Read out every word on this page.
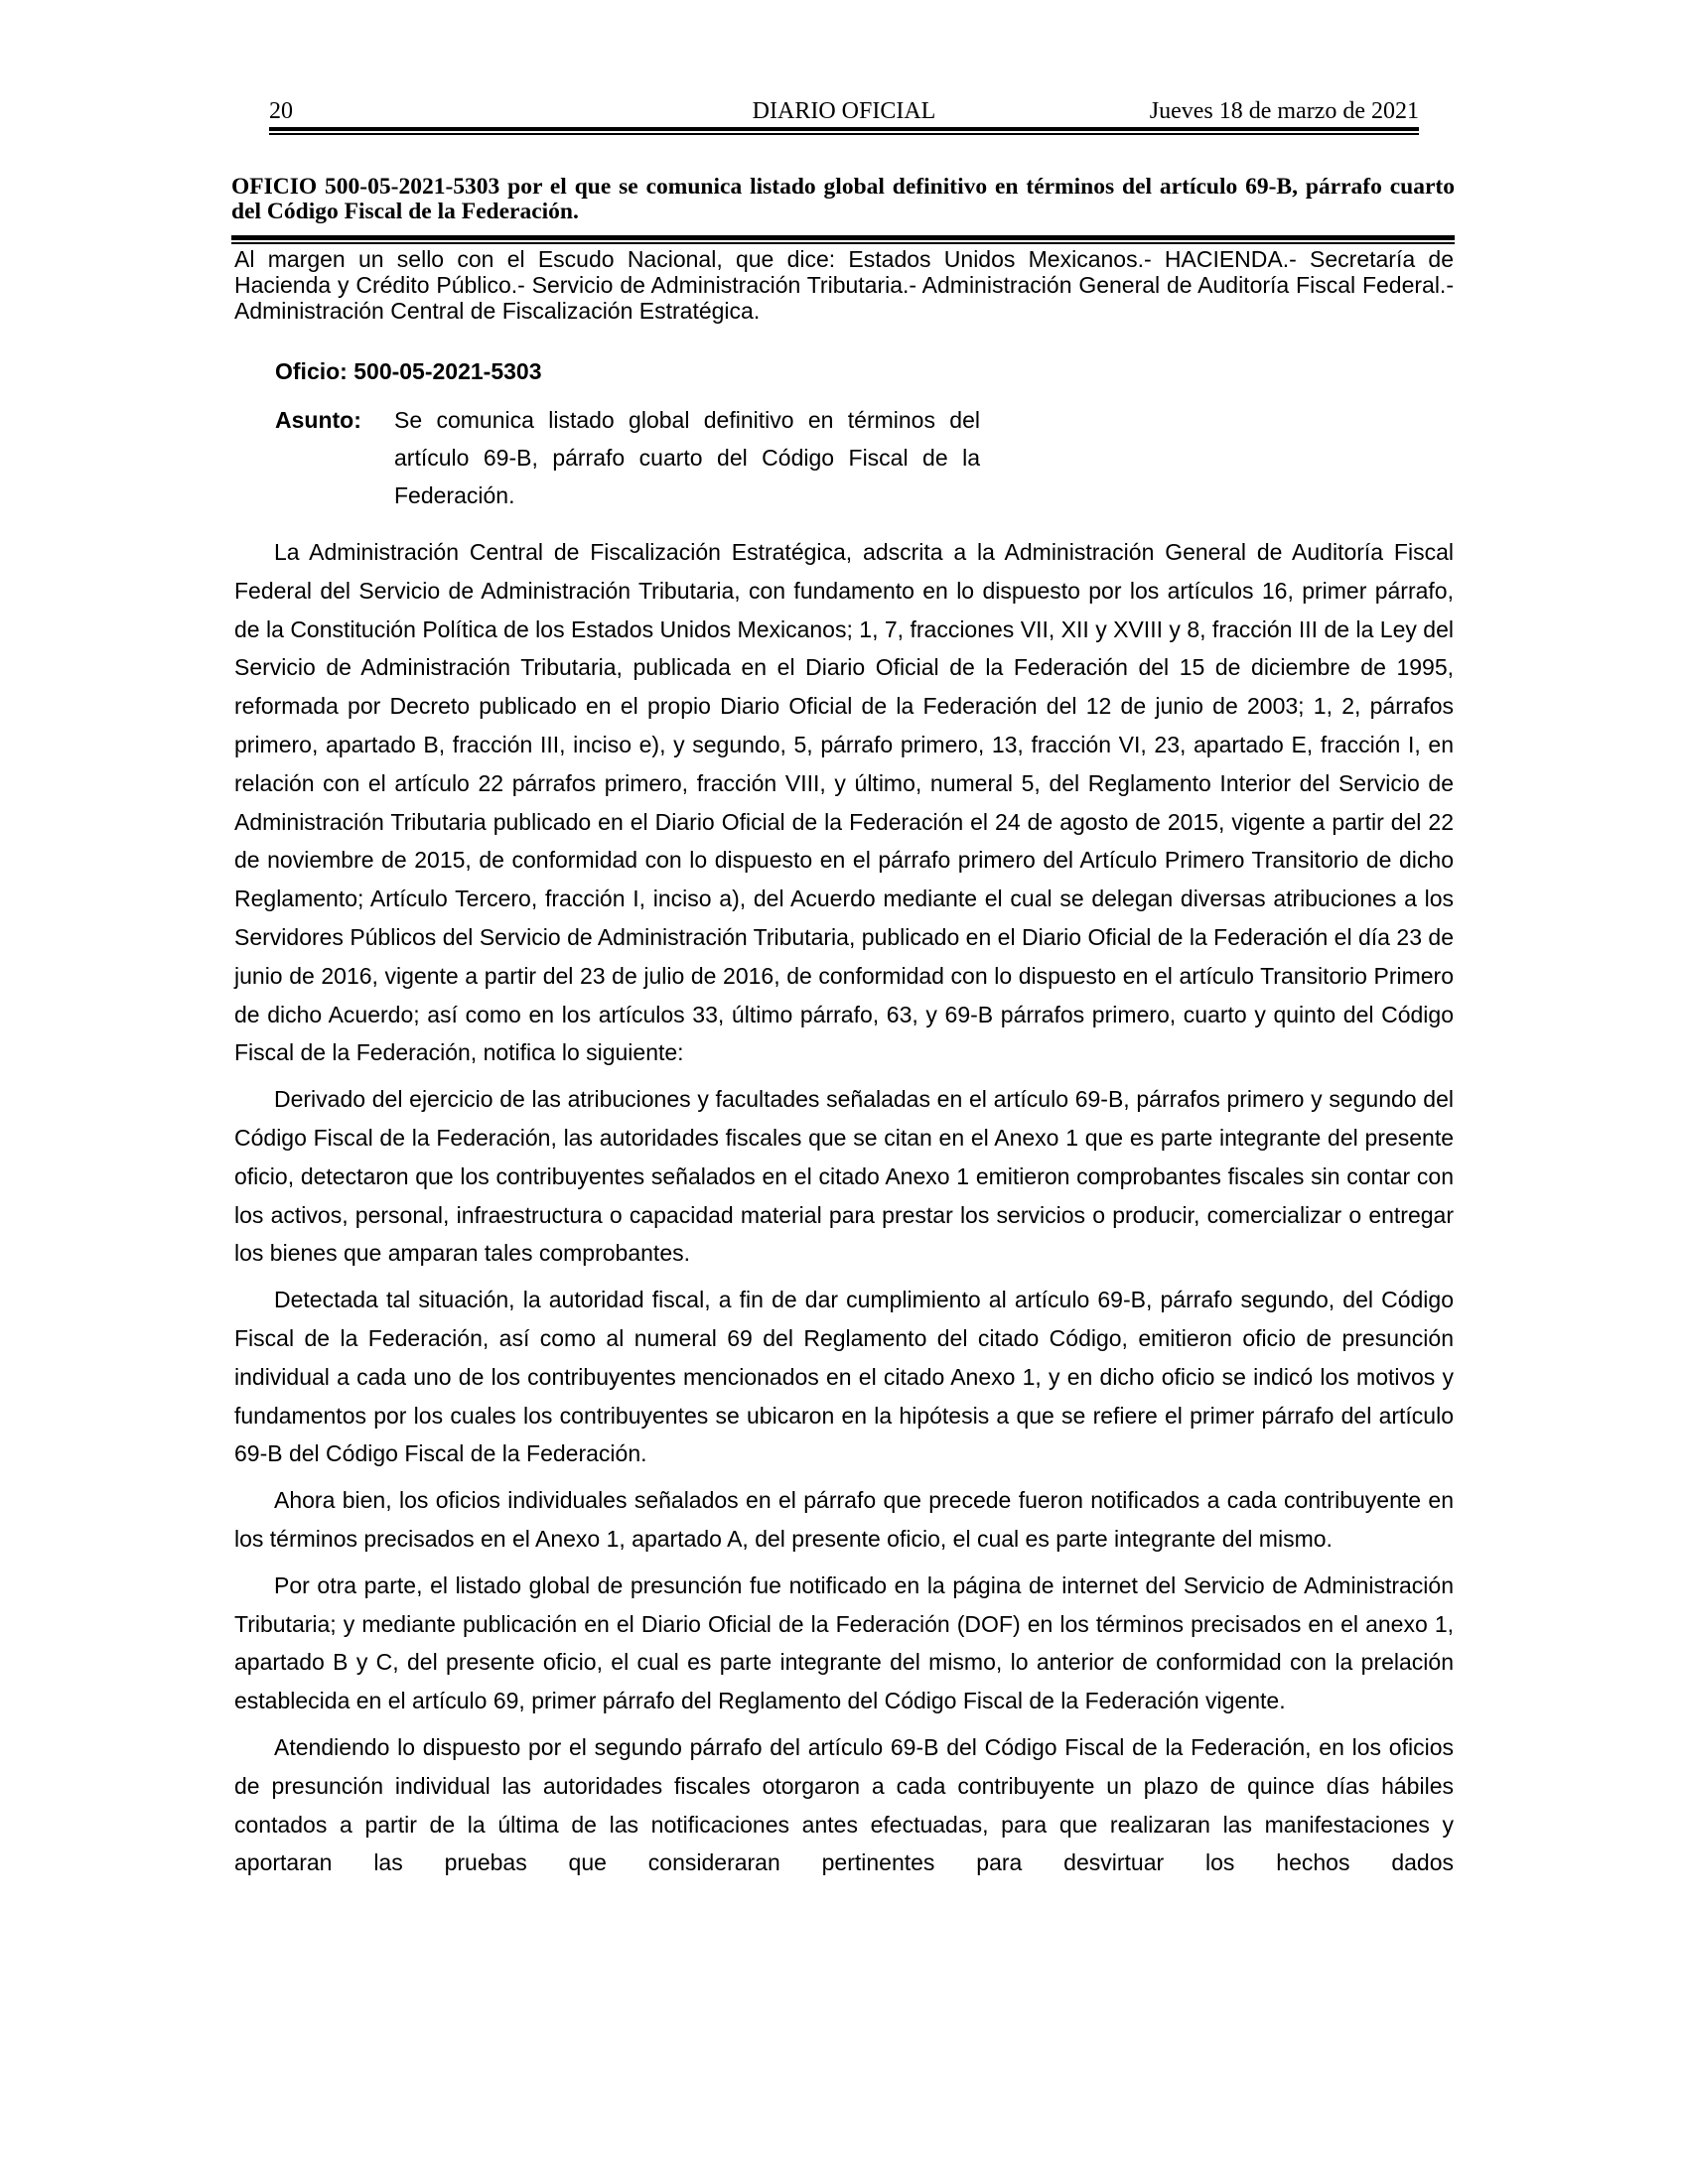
20	DIARIO OFICIAL	Jueves 18 de marzo de 2021
OFICIO 500-05-2021-5303 por el que se comunica listado global definitivo en términos del artículo 69-B, párrafo cuarto del Código Fiscal de la Federación.
Al margen un sello con el Escudo Nacional, que dice: Estados Unidos Mexicanos.- HACIENDA.- Secretaría de Hacienda y Crédito Público.- Servicio de Administración Tributaria.- Administración General de Auditoría Fiscal Federal.- Administración Central de Fiscalización Estratégica.
Oficio: 500-05-2021-5303
Asunto: Se comunica listado global definitivo en términos del artículo 69-B, párrafo cuarto del Código Fiscal de la Federación.

La Administración Central de Fiscalización Estratégica, adscrita a la Administración General de Auditoría Fiscal Federal del Servicio de Administración Tributaria, con fundamento en lo dispuesto por los artículos 16, primer párrafo, de la Constitución Política de los Estados Unidos Mexicanos; 1, 7, fracciones VII, XII y XVIII y 8, fracción III de la Ley del Servicio de Administración Tributaria, publicada en el Diario Oficial de la Federación del 15 de diciembre de 1995, reformada por Decreto publicado en el propio Diario Oficial de la Federación del 12 de junio de 2003; 1, 2, párrafos primero, apartado B, fracción III, inciso e), y segundo, 5, párrafo primero, 13, fracción VI, 23, apartado E, fracción I, en relación con el artículo 22 párrafos primero, fracción VIII, y último, numeral 5, del Reglamento Interior del Servicio de Administración Tributaria publicado en el Diario Oficial de la Federación el 24 de agosto de 2015, vigente a partir del 22 de noviembre de 2015, de conformidad con lo dispuesto en el párrafo primero del Artículo Primero Transitorio de dicho Reglamento; Artículo Tercero, fracción I, inciso a), del Acuerdo mediante el cual se delegan diversas atribuciones a los Servidores Públicos del Servicio de Administración Tributaria, publicado en el Diario Oficial de la Federación el día 23 de junio de 2016, vigente a partir del 23 de julio de 2016, de conformidad con lo dispuesto en el artículo Transitorio Primero de dicho Acuerdo; así como en los artículos 33, último párrafo, 63, y 69-B párrafos primero, cuarto y quinto del Código Fiscal de la Federación, notifica lo siguiente:

Derivado del ejercicio de las atribuciones y facultades señaladas en el artículo 69-B, párrafos primero y segundo del Código Fiscal de la Federación, las autoridades fiscales que se citan en el Anexo 1 que es parte integrante del presente oficio, detectaron que los contribuyentes señalados en el citado Anexo 1 emitieron comprobantes fiscales sin contar con los activos, personal, infraestructura o capacidad material para prestar los servicios o producir, comercializar o entregar los bienes que amparan tales comprobantes.

Detectada tal situación, la autoridad fiscal, a fin de dar cumplimiento al artículo 69-B, párrafo segundo, del Código Fiscal de la Federación, así como al numeral 69 del Reglamento del citado Código, emitieron oficio de presunción individual a cada uno de los contribuyentes mencionados en el citado Anexo 1, y en dicho oficio se indicó los motivos y fundamentos por los cuales los contribuyentes se ubicaron en la hipótesis a que se refiere el primer párrafo del artículo 69-B del Código Fiscal de la Federación.

Ahora bien, los oficios individuales señalados en el párrafo que precede fueron notificados a cada contribuyente en los términos precisados en el Anexo 1, apartado A, del presente oficio, el cual es parte integrante del mismo.

Por otra parte, el listado global de presunción fue notificado en la página de internet del Servicio de Administración Tributaria; y mediante publicación en el Diario Oficial de la Federación (DOF) en los términos precisados en el anexo 1, apartado B y C, del presente oficio, el cual es parte integrante del mismo, lo anterior de conformidad con la prelación establecida en el artículo 69, primer párrafo del Reglamento del Código Fiscal de la Federación vigente.

Atendiendo lo dispuesto por el segundo párrafo del artículo 69-B del Código Fiscal de la Federación, en los oficios de presunción individual las autoridades fiscales otorgaron a cada contribuyente un plazo de quince días hábiles contados a partir de la última de las notificaciones antes efectuadas, para que realizaran las manifestaciones y aportaran las pruebas que consideraran pertinentes para desvirtuar los hechos dados
